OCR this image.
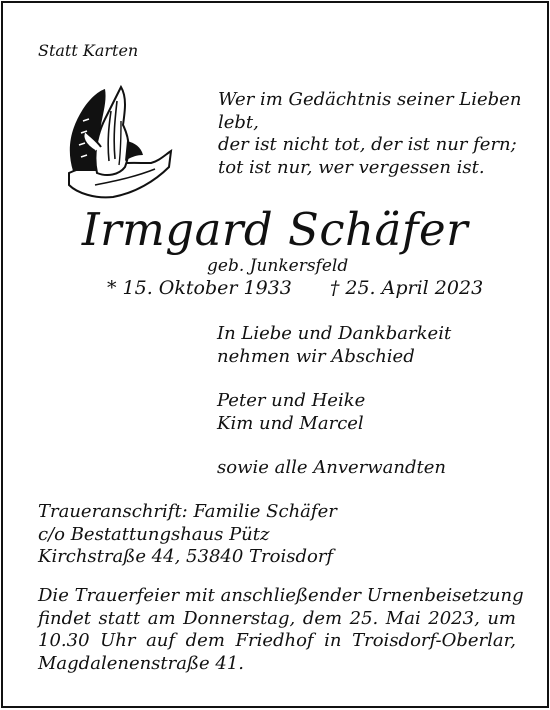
Statt Karten
Wer im Gedächtnis seiner Lieben
lebt,
der ist nicht tot, der ist nur fern;
tot ist nur, wer vergessen ist.
Irmgard Schäfer
geb. Junkersfeld
* 15. Oktober 1933 † 25. April 2023
In Liebe und Dankbarkeit
nehmen wir Abschied
Peter und Heike
Kim und Marcel
sowie alle Anverwandten
Traueranschrift: Familie Schäfer
c/o Bestattungshaus Pütz
Kirchstraße 44, 53840 Troisdorf
Die Trauerfeier mit anschließender Urnenbeisetzung
findet statt am Donnerstag, dem 25. Mai 2023, um
10.30 Uhr auf dem Friedhof in Troisdorf-Oberlar,
Magdalenenstraße 41.
